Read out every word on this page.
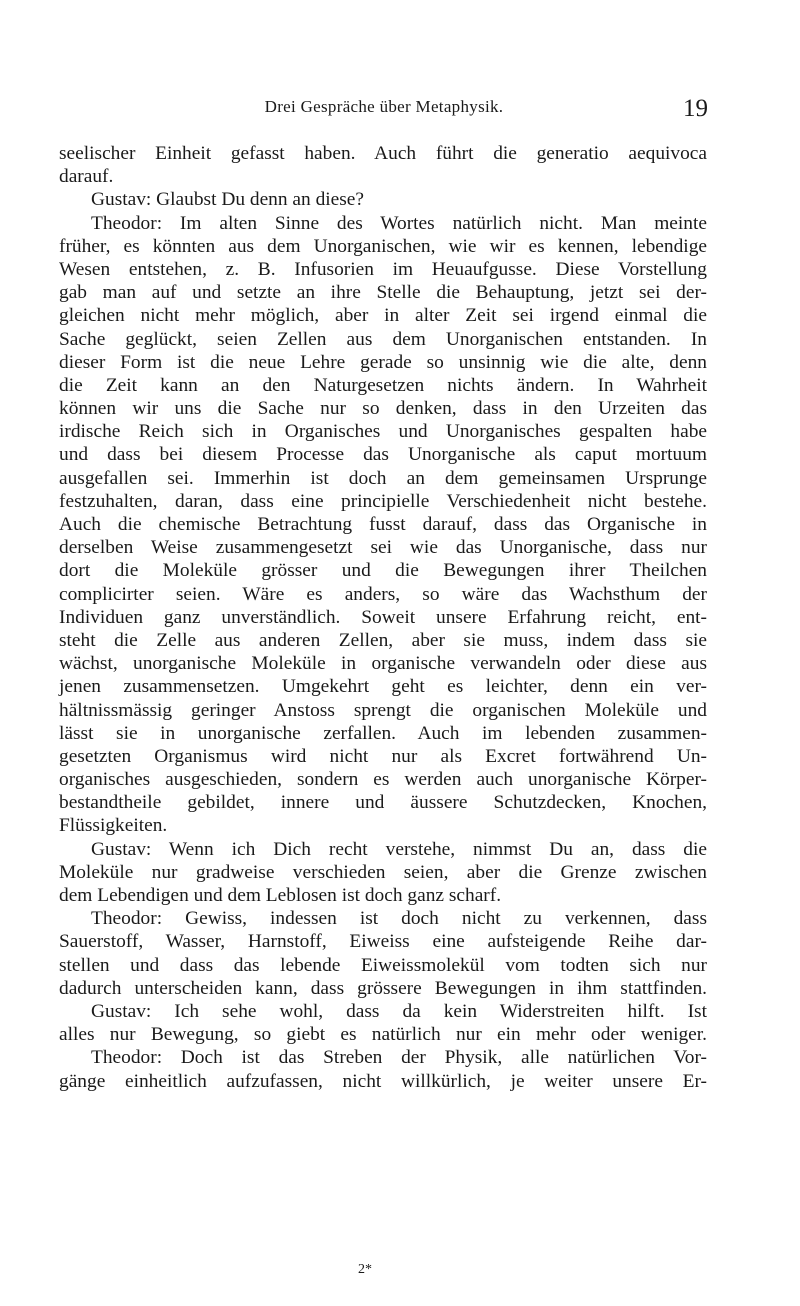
Drei Gespräche über Metaphysik.	19
seelischer Einheit gefasst haben. Auch führt die generatio aequivoca
darauf.
Gustav: Glaubst Du denn an diese?
Theodor: Im alten Sinne des Wortes natürlich nicht. Man meinte
früher, es könnten aus dem Unorganischen, wie wir es kennen, lebendige
Wesen entstehen, z. B. Infusorien im Heuaufgusse. Diese Vorstellung
gab man auf und setzte an ihre Stelle die Behauptung, jetzt sei der-
gleichen nicht mehr möglich, aber in alter Zeit sei irgend einmal die
Sache geglückt, seien Zellen aus dem Unorganischen entstanden. In
dieser Form ist die neue Lehre gerade so unsinnig wie die alte, denn
die Zeit kann an den Naturgesetzen nichts ändern. In Wahrheit
können wir uns die Sache nur so denken, dass in den Urzeiten das
irdische Reich sich in Organisches und Unorganisches gespalten habe
und dass bei diesem Processe das Unorganische als caput mortuum
ausgefallen sei. Immerhin ist doch an dem gemeinsamen Ursprunge
festzuhalten, daran, dass eine principielle Verschiedenheit nicht bestehe.
Auch die chemische Betrachtung fusst darauf, dass das Organische in
derselben Weise zusammengesetzt sei wie das Unorganische, dass nur
dort die Moleküle grösser und die Bewegungen ihrer Theilchen
complicirter seien. Wäre es anders, so wäre das Wachsthum der
Individuen ganz unverständlich. Soweit unsere Erfahrung reicht, ent-
steht die Zelle aus anderen Zellen, aber sie muss, indem dass sie
wächst, unorganische Moleküle in organische verwandeln oder diese aus
jenen zusammensetzen. Umgekehrt geht es leichter, denn ein ver-
hältnissmässig geringer Anstoss sprengt die organischen Moleküle und
lässt sie in unorganische zerfallen. Auch im lebenden zusammen-
gesetzten Organismus wird nicht nur als Excret fortwährend Un-
organisches ausgeschieden, sondern es werden auch unorganische Körper-
bestandtheile gebildet, innere und äussere Schutzdecken, Knochen,
Flüssigkeiten.
Gustav: Wenn ich Dich recht verstehe, nimmst Du an, dass die
Moleküle nur gradweise verschieden seien, aber die Grenze zwischen
dem Lebendigen und dem Leblosen ist doch ganz scharf.
Theodor: Gewiss, indessen ist doch nicht zu verkennen, dass
Sauerstoff, Wasser, Harnstoff, Eiweiss eine aufsteigende Reihe dar-
stellen und dass das lebende Eiweissmolekül vom todten sich nur
dadurch unterscheiden kann, dass grössere Bewegungen in ihm stattfinden.
Gustav: Ich sehe wohl, dass da kein Widerstreiten hilft. Ist
alles nur Bewegung, so giebt es natürlich nur ein mehr oder weniger.
Theodor: Doch ist das Streben der Physik, alle natürlichen Vor-
gänge einheitlich aufzufassen, nicht willkürlich, je weiter unsere Er-
2*
